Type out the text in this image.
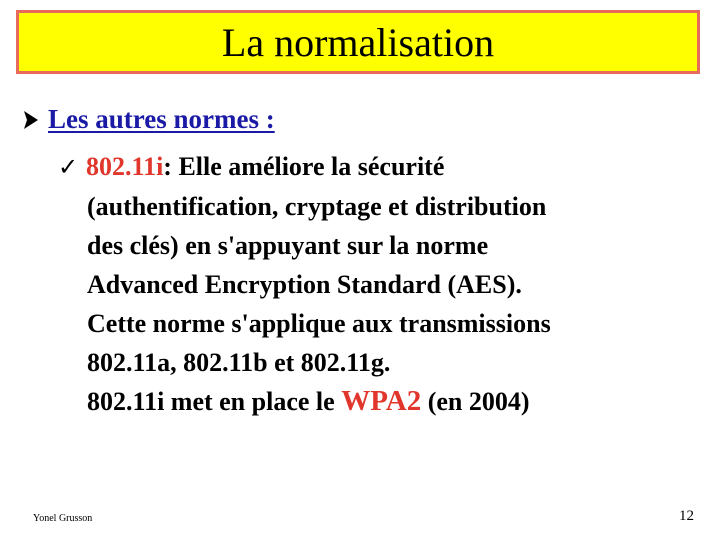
La normalisation
Les autres normes :
✓ 802.11i : Elle améliore la sécurité
(authentification, cryptage et distribution
des clés) en s'appuyant sur la norme
Advanced Encryption Standard (AES).
Cette norme s'applique aux transmissions
802.11a, 802.11b et 802.11g.
802.11i met en place le WPA2 (en 2004)
Yonel Grusson	12
